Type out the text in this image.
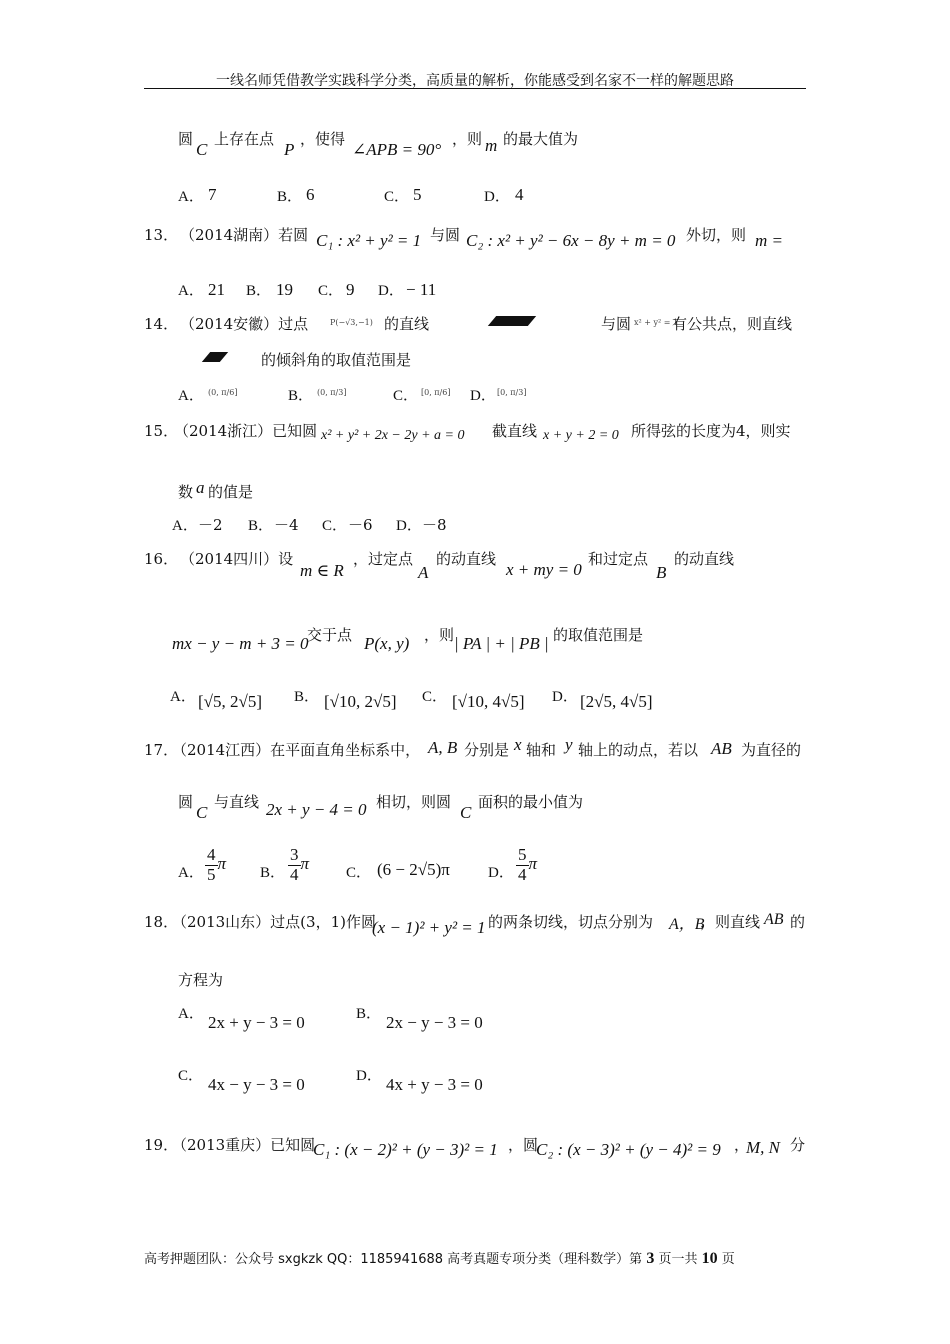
一线名师凭借教学实践科学分类，高质量的解析，你能感受到名家不一样的解题思路
圆
C
上存在点
P
，使得
∠APB = 90°
，则 m 的最大值为
A． 7	B． 6	C． 5	D． 4
13． （2014湖南）若圆 C₁ : x² + y² = 1 与圆 C₂ : x² + y² − 6x − 8y + m = 0 外切，则 m =
A． 21 B． 19 C． 9 D． − 11
14． （2014安徽）过点	P(−√3,−1) 的直线	与圆 x² + y² = 1
有公共点，则直线
的倾斜角的取值范围是
A． (0, π/6]	B． (0, π/3]	C． [0, π/6] D． [0, π/3]
15．
（2014浙江）已知圆 x² + y² + 2x − 2y + a = 0 截直线 x + y + 2 = 0 所得弦的长度为4，则实
数 a 的值是
A． －2 B． －4 C． －6 D． －8
16． （2014四川）设
m ∈ R
，过定点
A
的动直线
x + my = 0
和过定点
B
的动直线
mx − y − m + 3 = 0
交于点 P(x, y) ，则 | PA | + | PB | 的取值范围是
A． [√5, 2√5] B． [√10, 2√5] C． [√10, 4√5] D． [2√5, 4√5]
17．
（2014江西）在平面直角坐标系中， A, B 分别是 x 轴和 y 轴上的动点，若以 AB 为直径的
圆
C
与直线 2x + y − 4 = 0 相切，则圆
C
面积的最小值为
A． $\frac{4}{5}$ π B． $\frac{3}{4}$ π C． (6 − 2√5)π	D． $\frac{5}{4}$ π
18．
（2013山东）过点(3，1)作圆
(x − 1)² + y² = 1 的两条切线，切点分别为 A，B
，则直线 AB 的
方程为
A． 2x + y − 3 = 0	B． 2x − y − 3 = 0
C． 4x − y − 3 = 0	D． 4x + y − 3 = 0
19．
（2013重庆）已知圆
C₁ : (x − 2)² + (y − 3)² = 1 ，圆
C₂ : (x − 3)² + (y − 4)² = 9 ，
M, N 分
高考押题团队：公众号 sxgkzk QQ：1185941688 高考真题专项分类（理科数学）第 3 页一共 10 页
